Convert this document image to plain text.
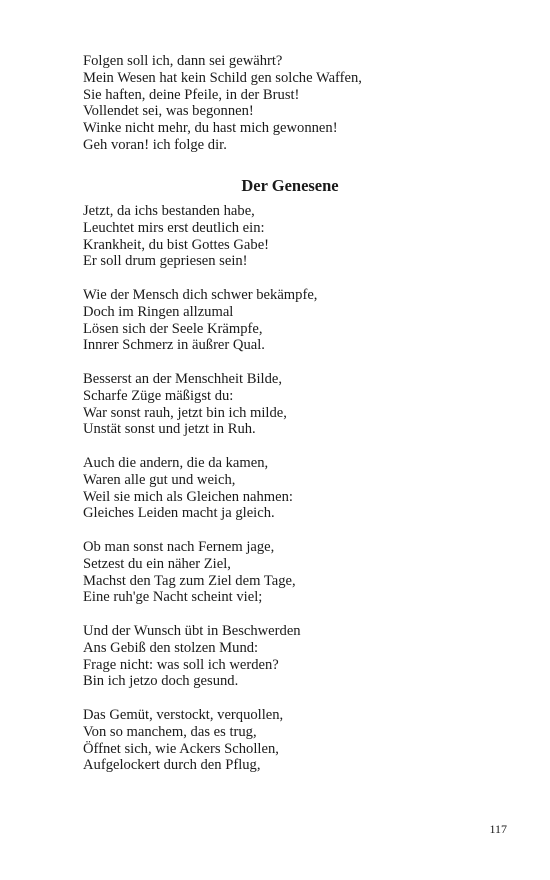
Folgen soll ich, dann sei gewährt?
Mein Wesen hat kein Schild gen solche Waffen,
Sie haften, deine Pfeile, in der Brust!
Vollendet sei, was begonnen!
Winke nicht mehr, du hast mich gewonnen!
Geh voran! ich folge dir.
Der Genesene
Jetzt, da ichs bestanden habe,
Leuchtet mirs erst deutlich ein:
Krankheit, du bist Gottes Gabe!
Er soll drum gepriesen sein!
Wie der Mensch dich schwer bekämpfe,
Doch im Ringen allzumal
Lösen sich der Seele Krämpfe,
Innrer Schmerz in äußrer Qual.
Besserst an der Menschheit Bilde,
Scharfe Züge mäßigst du:
War sonst rauh, jetzt bin ich milde,
Unstät sonst und jetzt in Ruh.
Auch die andern, die da kamen,
Waren alle gut und weich,
Weil sie mich als Gleichen nahmen:
Gleiches Leiden macht ja gleich.
Ob man sonst nach Fernem jage,
Setzest du ein näher Ziel,
Machst den Tag zum Ziel dem Tage,
Eine ruh'ge Nacht scheint viel;
Und der Wunsch übt in Beschwerden
Ans Gebiß den stolzen Mund:
Frage nicht: was soll ich werden?
Bin ich jetzo doch gesund.
Das Gemüt, verstockt, verquollen,
Von so manchem, das es trug,
Öffnet sich, wie Ackers Schollen,
Aufgelockert durch den Pflug,
117
